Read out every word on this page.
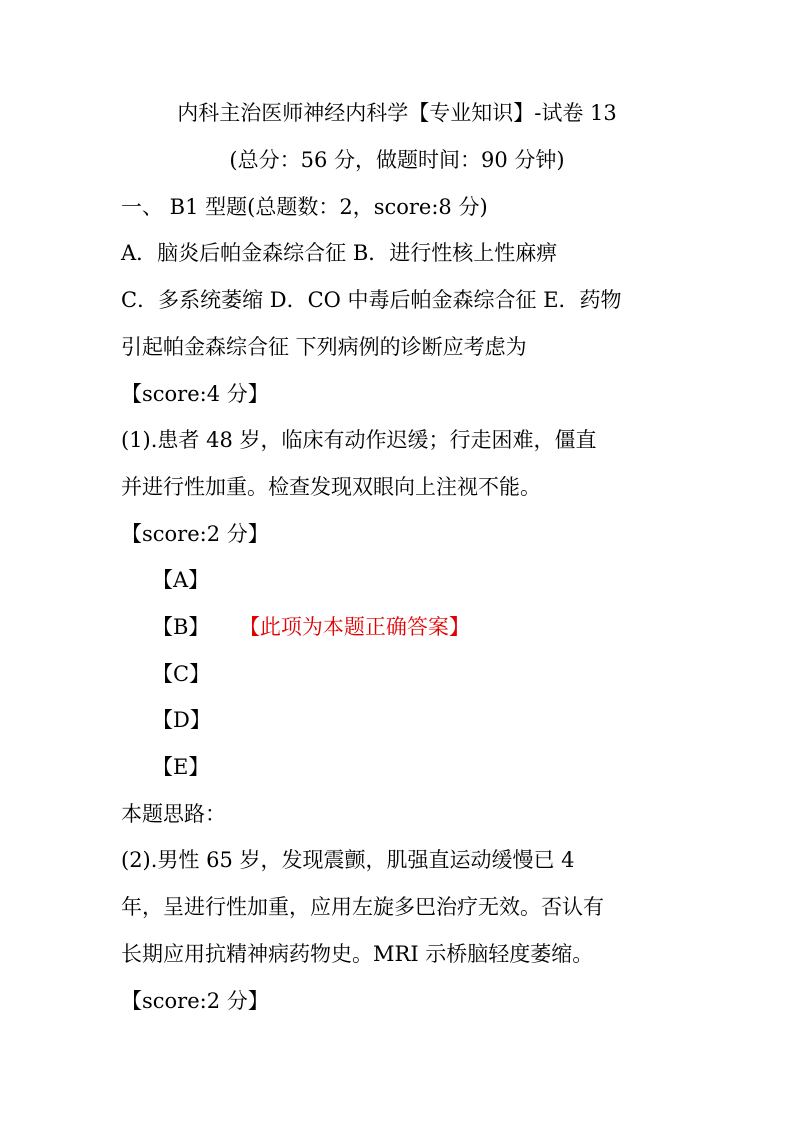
内科主治医师神经内科学【专业知识】-试卷 13
(总分：56 分，做题时间：90 分钟)
一、 B1 型题(总题数：2，score:8 分)
A．脑炎后帕金森综合征 B．进行性核上性麻痹
C．多系统萎缩 D．CO 中毒后帕金森综合征 E．药物
引起帕金森综合征 下列病例的诊断应考虑为
【score:4 分】
(1).患者 48 岁，临床有动作迟缓；行走困难，僵直
并进行性加重。检查发现双眼向上注视不能。
【score:2 分】
【A】
【B】 【此项为本题正确答案】
【C】
【D】
【E】
本题思路：
(2).男性 65 岁，发现震颤，肌强直运动缓慢已 4
年，呈进行性加重，应用左旋多巴治疗无效。否认有
长期应用抗精神病药物史。MRI 示桥脑轻度萎缩。
【score:2 分】
